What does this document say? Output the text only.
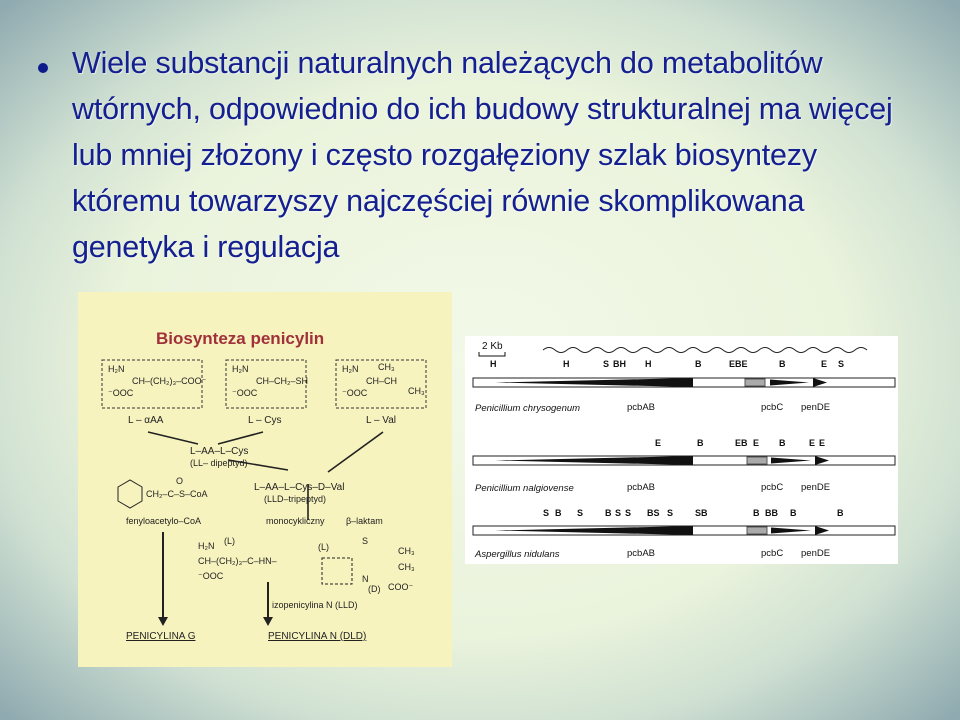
Wiele substancji naturalnych należących do metabolitów wtórnych, odpowiednio do ich budowy strukturalnej ma więcej lub mniej złożony i często rozgałęziony szlak biosyntezy któremu towarzyszy najczęściej równie skomplikowana genetyka i regulacja

Biosynteza penicylin
H₂N
CH–(CH₂)₃–COO⁻
⁻OOC
H₂N
CH–CH₂–SH
⁻OOC
H₂N CH₃
CH–CH
⁻OOC	CH₃
L – αAA	L – Cys	L – Val
L–AA–L–Cys
(LL– dipeptyd)
L–AA–L–Cys–D–Val
(LLD–tripeptyd)
CH₂–C–S–CoA
O
fenyloacetylo–CoA	monocykliczny β–laktam
H₂N (L)
CH–(CH₂)₃–C–HN–
⁻OOC
(L)
S
CH₃
CH₃
N
COO⁻
(D)
izopenicylina N (LLD)
PENICYLINA G	PENICYLINA N (DLD)
2 Kb
H	H	S BH H	B	EBE	B	E S
Penicillium chrysogenum	pcbAB	pcbC penDE
E	B	EB E B	E E
Penicillium nalgiovense	pcbAB	pcbC penDE
S B S B S S BS S SB	B BB B	B
Aspergillus nidulans	pcbAB	pcbC penDE
